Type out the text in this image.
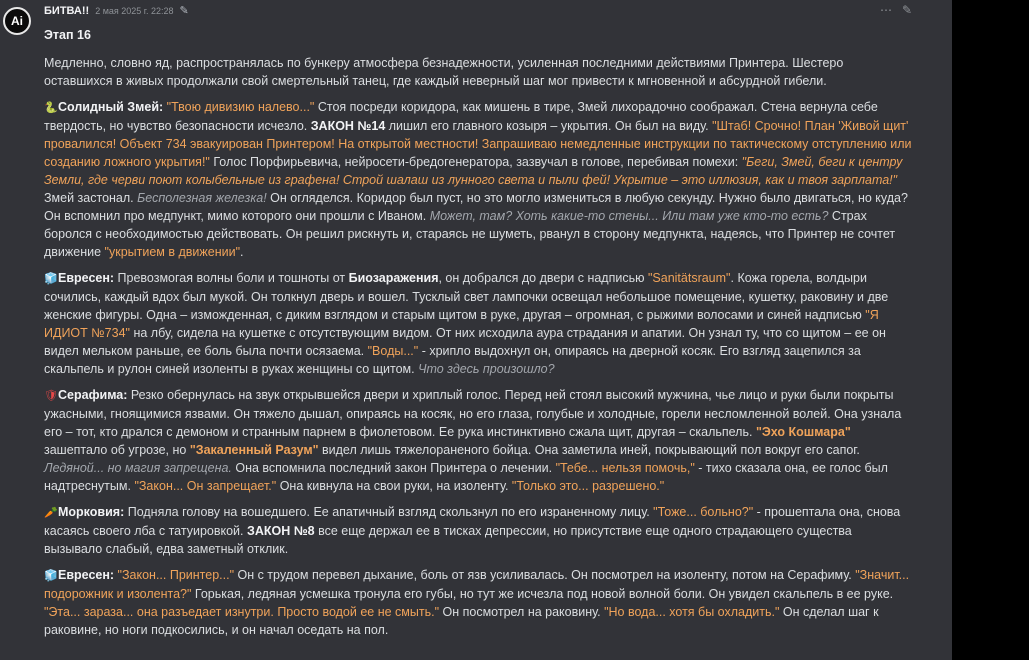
Ai
БИТВА!! 2 мая 2025 г. 22:28 ✎	⋯ ✎

Этап 16

Медленно, словно яд, распространялась по бункеру атмосфера безнадежности, усиленная последними действиями Принтера. Шестеро оставшихся в живых продолжали свой смертельный танец, где каждый неверный шаг мог привести к мгновенной и абсурдной гибели.

🐍Солидный Змей: "Твою дивизию налево..." Стоя посреди коридора, как мишень в тире, Змей лихорадочно соображал. Стена вернула себе твердость, но чувство безопасности исчезло. ЗАКОН №14 лишил его главного козыря – укрытия. Он был на виду. "Штаб! Срочно! План 'Живой щит' провалился! Объект 734 эвакуирован Принтером! На открытой местности! Запрашиваю немедленные инструкции по тактическому отступлению или созданию ложного укрытия!" Голос Порфирьевича, нейросети-бредогенератора, зазвучал в голове, перебивая помехи: "Беги, Змей, беги к центру Земли, где черви поют колыбельные из графена! Строй шалаш из лунного света и пыли фей! Укрытие – это иллюзия, как и твоя зарплата!" Змей застонал. Бесполезная железка! Он огляделся. Коридор был пуст, но это могло измениться в любую секунду. Нужно было двигаться, но куда? Он вспомнил про медпункт, мимо которого они прошли с Иваном. Может, там? Хоть какие-то стены... Или там уже кто-то есть? Страх боролся с необходимостью действовать. Он решил рискнуть и, стараясь не шуметь, рванул в сторону медпункта, надеясь, что Принтер не сочтет движение "укрытием в движении".

🧊Евресен: Превозмогая волны боли и тошноты от Биозаражения, он добрался до двери с надписью "Sanitätsraum". Кожа горела, волдыри сочились, каждый вдох был мукой. Он толкнул дверь и вошел. Тусклый свет лампочки освещал небольшое помещение, кушетку, раковину и две женские фигуры. Одна – изможденная, с диким взглядом и старым щитом в руке, другая – огромная, с рыжими волосами и синей надписью "Я ИДИОТ №734" на лбу, сидела на кушетке с отсутствующим видом. От них исходила аура страдания и апатии. Он узнал ту, что со щитом – ее он видел мельком раньше, ее боль была почти осязаема. "Воды..." - хрипло выдохнул он, опираясь на дверной косяк. Его взгляд зацепился за скальпель и рулон синей изоленты в руках женщины со щитом. Что здесь произошло?

🛡Серафима: Резко обернулась на звук открывшейся двери и хриплый голос. Перед ней стоял высокий мужчина, чье лицо и руки были покрыты ужасными, гноящимися язвами. Он тяжело дышал, опираясь на косяк, но его глаза, голубые и холодные, горели несломленной волей. Она узнала его – тот, кто дрался с демоном и странным парнем в фиолетовом. Ее рука инстинктивно сжала щит, другая – скальпель. "Эхо Кошмара" зашептало об угрозе, но "Закаленный Разум" видел лишь тяжелораненого бойца. Она заметила иней, покрывающий пол вокруг его сапог. Ледяной... но магия запрещена. Она вспомнила последний закон Принтера о лечении. "Тебе... нельзя помочь," - тихо сказала она, ее голос был надтреснутым. "Закон... Он запрещает." Она кивнула на свои руки, на изоленту. "Только это... разрешено."

🥕Морковия: Подняла голову на вошедшего. Ее апатичный взгляд скользнул по его израненному лицу. "Тоже... больно?" - прошептала она, снова касаясь своего лба с татуировкой. ЗАКОН №8 все еще держал ее в тисках депрессии, но присутствие еще одного страдающего существа вызывало слабый, едва заметный отклик.

🧊Евресен: "Закон... Принтер..." Он с трудом перевел дыхание, боль от язв усиливалась. Он посмотрел на изоленту, потом на Серафиму. "Значит... подорожник и изолента?" Горькая, ледяная усмешка тронула его губы, но тут же исчезла под новой волной боли. Он увидел скальпель в ее руке. "Эта... зараза... она разъедает изнутри. Просто водой ее не смыть." Он посмотрел на раковину. "Но вода... хотя бы охладить." Он сделал шаг к раковине, но ноги подкосились, и он начал оседать на пол.
